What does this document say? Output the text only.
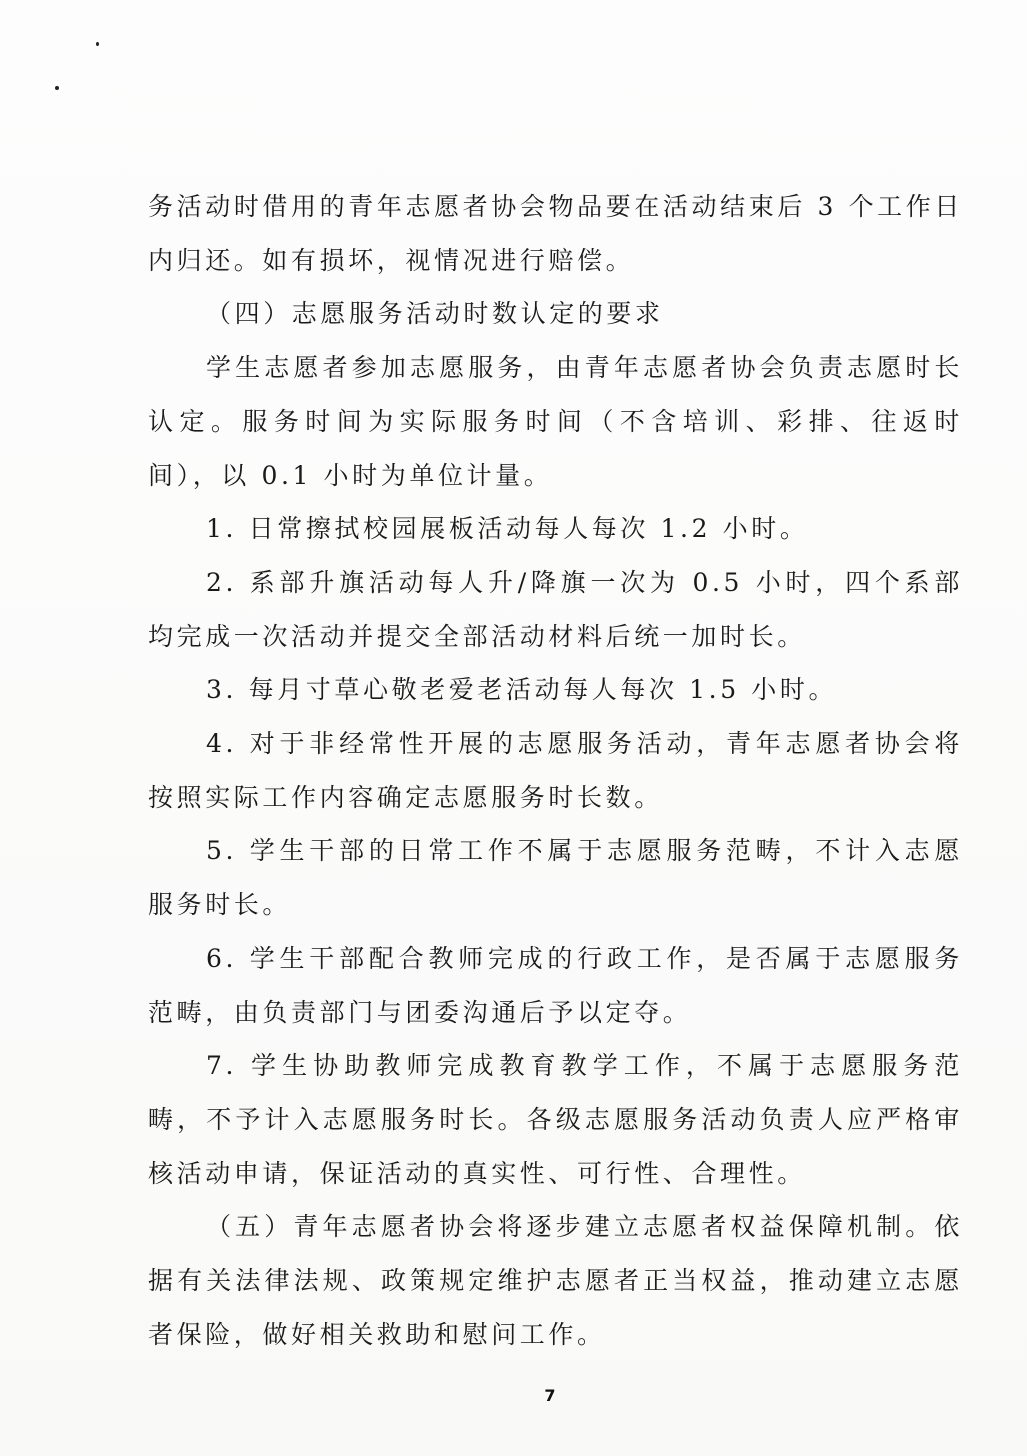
务活动时借用的青年志愿者协会物品要在活动结束后 3 个工作日内归还。如有损坏，视情况进行赔偿。

（四）志愿服务活动时数认定的要求

学生志愿者参加志愿服务，由青年志愿者协会负责志愿时长认定。服务时间为实际服务时间（不含培训、彩排、往返时间），以 0.1 小时为单位计量。

1. 日常擦拭校园展板活动每人每次 1.2 小时。

2. 系部升旗活动每人升/降旗一次为 0.5 小时，四个系部均完成一次活动并提交全部活动材料后统一加时长。

3. 每月寸草心敬老爱老活动每人每次 1.5 小时。

4. 对于非经常性开展的志愿服务活动，青年志愿者协会将按照实际工作内容确定志愿服务时长数。

5. 学生干部的日常工作不属于志愿服务范畴，不计入志愿服务时长。

6. 学生干部配合教师完成的行政工作，是否属于志愿服务范畴，由负责部门与团委沟通后予以定夺。

7. 学生协助教师完成教育教学工作，不属于志愿服务范畴，不予计入志愿服务时长。各级志愿服务活动负责人应严格审核活动申请，保证活动的真实性、可行性、合理性。

（五）青年志愿者协会将逐步建立志愿者权益保障机制。依据有关法律法规、政策规定维护志愿者正当权益，推动建立志愿者保险，做好相关救助和慰问工作。

7
